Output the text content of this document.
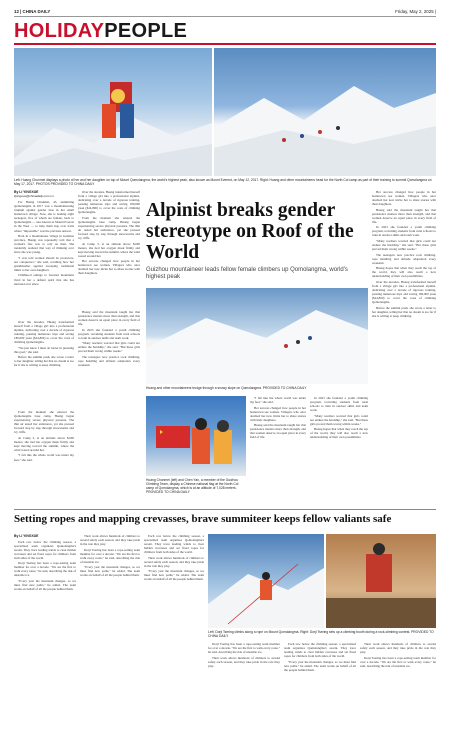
12 | CHINA DAILY	Friday, May 2, 2025 |
HOLIDAYPEOPLE
Left: Huang Chunmei displays a photo of her and her daughter on top of Mount Qomolangma, the world's highest peak, also known as Mount Everest, on May 12, 2017. Right: Huang and other mountaineers head for the North Col camp as part of their training to summit Qomolangma on May 17, 2017. PHOTOS PROVIDED TO CHINA DAILY
By LI YINGXUE
liyingxue@chinadaily.com.cn

For Huang Chunmei, 43, summiting Qomolangma in 2017 was a mountaineering triumph against gender bias in her small hometown village. Now, she is leading eight teenagers, five of whom are female, back to Qomolangma — also known as Mount Everest in the West — to help them step over trails where "impossible" was the previous answer.

Born in a mountainous village in Guizhou province, Huang was repeatedly told that a woman's fate was to rely on men. She randomly realized that way of thinking ever since she was young.

"I was told women should be protectors, not conquerors," she said, recalling how her grandmother applied sweeping traditional limits to her own daughters.

Childhood outings to forested mountains lived in her a defiant spirit that she has nurtured ever since.

Over the decades, Huang transformed herself from a village girl into a professional alpinist, dedicating over a decade of rigorous training, pausing numerous trips and saving 180,000 yuan ($24,800) to cover the costs of climbing Qomolangma.

"We just knew I must do better in pursuing this goal," she said.

Before the summit push, she wrote a letter to her daughter, telling her that no dream is too far if she is willing to keep climbing.

From the moment she entered the Qomolangma base camp, Huang began experiencing severe physical pressure. The thin air tested her endurance, yet she pressed forward step by step through snowstorms and icy cliffs.

At Camp 3, at an altitude above 8,000 meters, she tied her oxygen mask firmly and kept moving toward the summit, where the wind roared around her.

"I felt like the whole world was under my feet," she said.

Over the decades, Huang transformed herself from a village girl into a professional alpinist, dedicating over a decade of rigorous training, pausing numerous trips and saving 180,000 yuan ($24,800) to cover the costs of climbing Qomolangma.

From the moment she entered the Qomolangma base camp, Huang began experiencing severe physical pressure. The thin air tested her endurance, yet she pressed forward step by step through snowstorms and icy cliffs.

At Camp 3, at an altitude above 8,000 meters, she tied her oxygen mask firmly and kept moving toward the summit, where the wind roared around her.

Her success changed how people in her hometown see women. Villagers who once doubted her now invite her to share stories with their daughters.

Huang said the mountain taught her that persistence matters more than strength, and that women deserve an equal place in every field of life.

In 2023 she founded a youth climbing program, recruiting students from rural schools to train in outdoor skills and team work.

"Many teachers worried that girls could not endure the hardship," she said. "But these girls proved them wrong within weeks."

The teenagers now practice rock climbing, rope handling and altitude adaptation every weekend.

Alpinist breaks gender stereotype on Roof of the World
Guizhou mountaineer leads fellow female climbers up Qomolangma, world's highest peak

Her success changed how people in her hometown see women. Villagers who once doubted her now invite her to share stories with their daughters.

Huang said the mountain taught her that persistence matters more than strength, and that women deserve an equal place in every field of life.

In 2023 she founded a youth climbing program, recruiting students from rural schools to train in outdoor skills and team work.

"Many teachers worried that girls could not endure the hardship," she said. "But these girls proved them wrong within weeks."

The teenagers now practice rock climbing, rope handling and altitude adaptation every weekend.

Huang hopes that when they reach the top of the world, they will also reach a new understanding of their own possibilities.

Over the decades, Huang transformed herself from a village girl into a professional alpinist, dedicating over a decade of rigorous training, pausing numerous trips and saving 180,000 yuan ($24,800) to cover the costs of climbing Qomolangma.

Before the summit push, she wrote a letter to her daughter, telling her that no dream is too far if she is willing to keep climbing.

Huang and other mountaineers trudge through a snowy slope on Qomolangma. PROVIDED TO CHINA DAILY
Huang Chunmei (left) and Chen Yan, a member of the Guizhou Climbing Team, display a Chinese national flag at the North Col camp of Qomolangma, which is at an altitude of 7,028 meters. PROVIDED TO CHINA DAILY

"I felt like the whole world was under my feet," she said.

Her success changed how people in her hometown see women. Villagers who once doubted her now invite her to share stories with their daughters.

Huang said the mountain taught her that persistence matters more than strength, and that women deserve an equal place in every field of life.

In 2023 she founded a youth climbing program, recruiting students from rural schools to train in outdoor skills and team work.

"Many teachers worried that girls could not endure the hardship," she said. "But these girls proved them wrong within weeks."

Huang hopes that when they reach the top of the world, they will also reach a new understanding of their own possibilities.

Setting ropes and mapping crevasses, brave summiteer keeps fellow valiants safe
By LI YINGXUE

Each row below the climbing season, a specialized team organizes Qomolangma's ascent. They trace leading winds to clear hidden crevasses and set fixed ropes for climbers from both sides of the world.

Dorji Tsering has been a rope-setting team member for over a decade. "We are the first to walk every route," he said, describing the risk of unstable ice.

"Every year the mountain changes, so we must find new paths," he added. The team works on behalf of all the people behind them.

Their work allows hundreds of climbers to ascend safely each season, and they take pride in the role they play.

Dorji Tsering has been a rope-setting team member for over a decade. "We are the first to walk every route," he said, describing the risk of unstable ice.

"Every year the mountain changes, so we must find new paths," he added. The team works on behalf of all the people behind them.

Each row below the climbing season, a specialized team organizes Qomolangma's ascent. They trace leading winds to clear hidden crevasses and set fixed ropes for climbers from both sides of the world.

Their work allows hundreds of climbers to ascend safely each season, and they take pride in the role they play.

"Every year the mountain changes, so we must find new paths," he added. The team works on behalf of all the people behind them.

Left: Dorji Tsering climbs along a rope on Mount Qomolangma. Right: Dorji Tsering sets up a climbing booth during a rock-climbing contest. PROVIDED TO CHINA DAILY

Dorji Tsering has been a rope-setting team member for over a decade. "We are the first to walk every route," he said, describing the risk of unstable ice.

Their work allows hundreds of climbers to ascend safely each season, and they take pride in the role they play.

Each row below the climbing season, a specialized team organizes Qomolangma's ascent. They trace leading winds to clear hidden crevasses and set fixed ropes for climbers from both sides of the world.

"Every year the mountain changes, so we must find new paths," he added. The team works on behalf of all the people behind them.

Their work allows hundreds of climbers to ascend safely each season, and they take pride in the role they play.

Dorji Tsering has been a rope-setting team member for over a decade. "We are the first to walk every route," he said, describing the risk of unstable ice.
